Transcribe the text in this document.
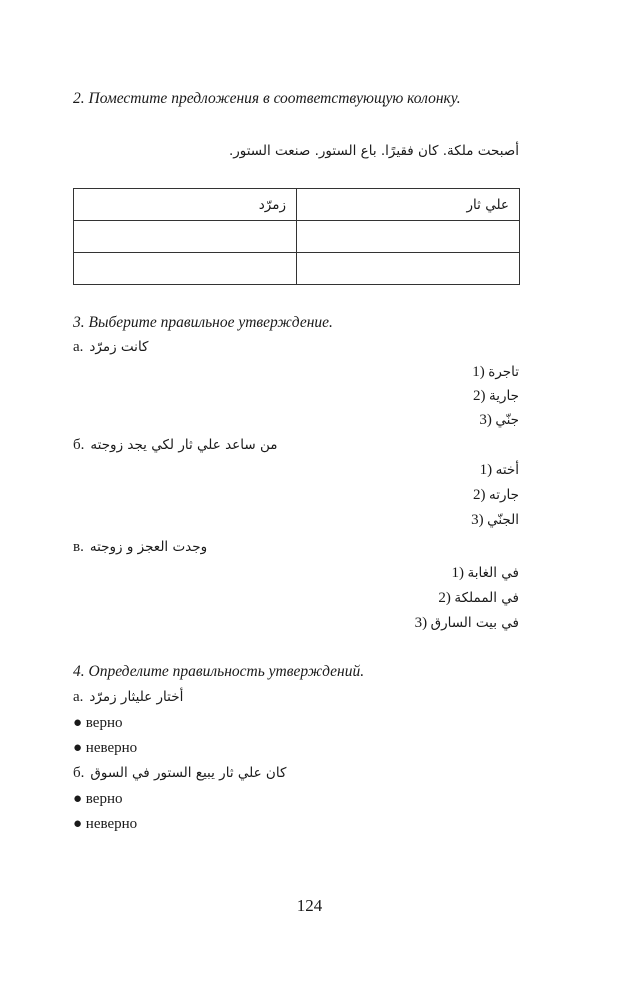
2. Поместите предложения в соответствующую колонку.
أصبحت ملكة. كان فقيرًا. باع الستور. صنعت الستور.
زمرّد	علي ثار

3. Выберите правильное утверждение.
а. كانت زمرّد
1) تاجرة
2) جارية
3) جنّي
б. من ساعد علي ثار لكي يجد زوجته
1) أخته
2) جارته
3) الجنّي
в. وجدت العجز و زوجته
1) في الغابة
2) في المملكة
3) في بيت السارق
4. Определите правильность утверждений.
а. أختار عليثار زمرّد
● верно
● неверно
б. كان علي ثار يبيع الستور في السوق
● верно
● неверно
124
